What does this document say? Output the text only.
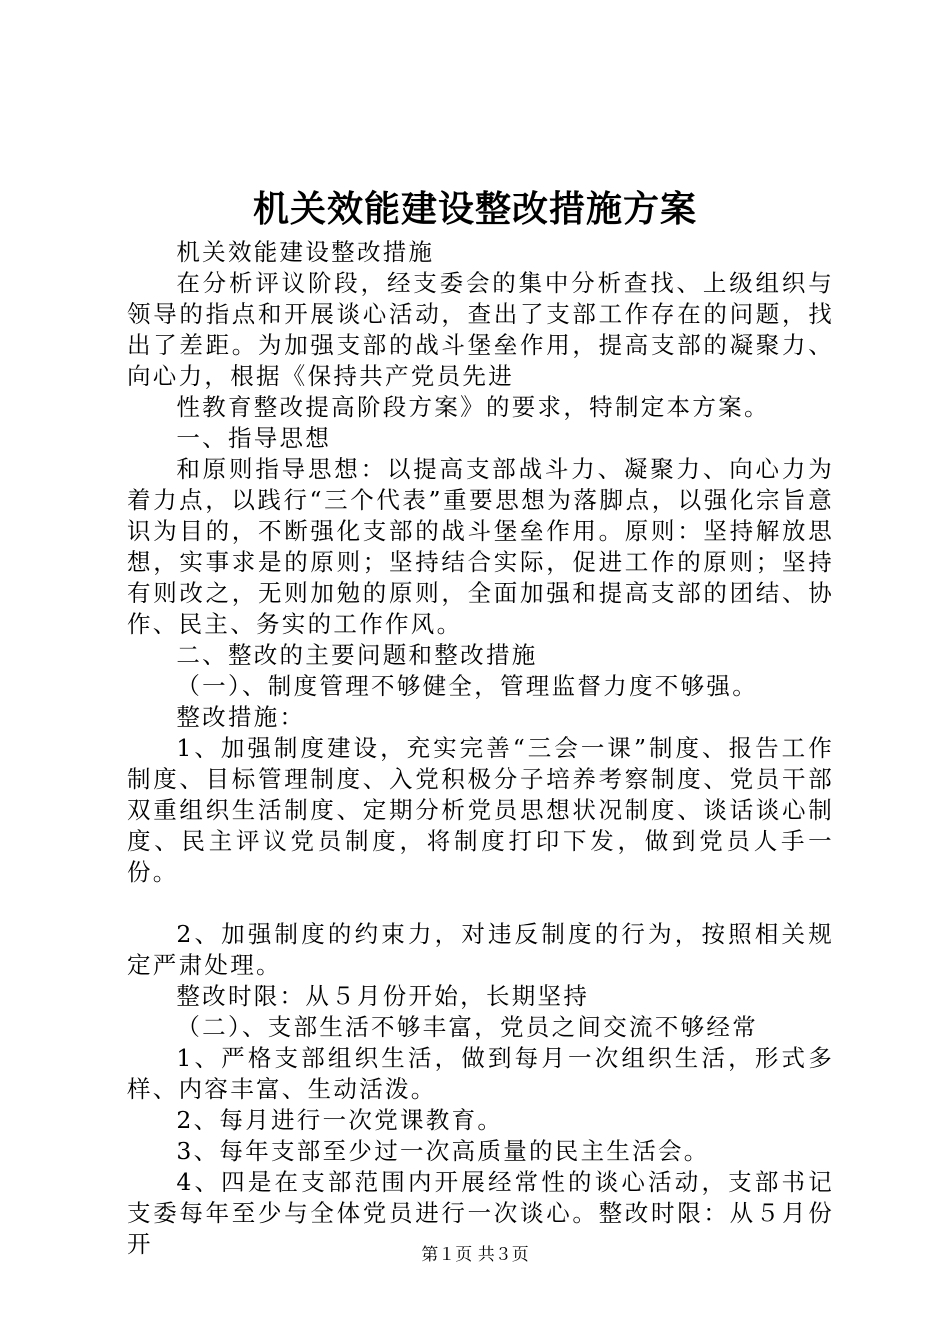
机关效能建设整改措施方案

机关效能建设整改措施

在分析评议阶段，经支委会的集中分析查找、上级组织与领导的指点和开展谈心活动，查出了支部工作存在的问题，找出了差距。为加强支部的战斗堡垒作用，提高支部的凝聚力、向心力，根据《保持共产党员先进

性教育整改提高阶段方案》的要求，特制定本方案。

一、指导思想

和原则指导思想：以提高支部战斗力、凝聚力、向心力为着力点，以践行“三个代表”重要思想为落脚点，以强化宗旨意识为目的，不断强化支部的战斗堡垒作用。原则：坚持解放思想，实事求是的原则；坚持结合实际，促进工作的原则；坚持有则改之，无则加勉的原则，全面加强和提高支部的团结、协作、民主、务实的工作作风。

二、整改的主要问题和整改措施

（一）、制度管理不够健全，管理监督力度不够强。

整改措施：

1、加强制度建设，充实完善“三会一课”制度、报告工作制度、目标管理制度、入党积极分子培养考察制度、党员干部双重组织生活制度、定期分析党员思想状况制度、谈话谈心制度、民主评议党员制度，将制度打印下发，做到党员人手一份。

2、加强制度的约束力，对违反制度的行为，按照相关规定严肃处理。

整改时限：从５月份开始，长期坚持

（二）、支部生活不够丰富，党员之间交流不够经常

1、严格支部组织生活，做到每月一次组织生活，形式多样、内容丰富、生动活泼。

2、每月进行一次党课教育。

3、每年支部至少过一次高质量的民主生活会。

4、四是在支部范围内开展经常性的谈心活动，支部书记支委每年至少与全体党员进行一次谈心。整改时限：从５月份开	第１页 共３页
